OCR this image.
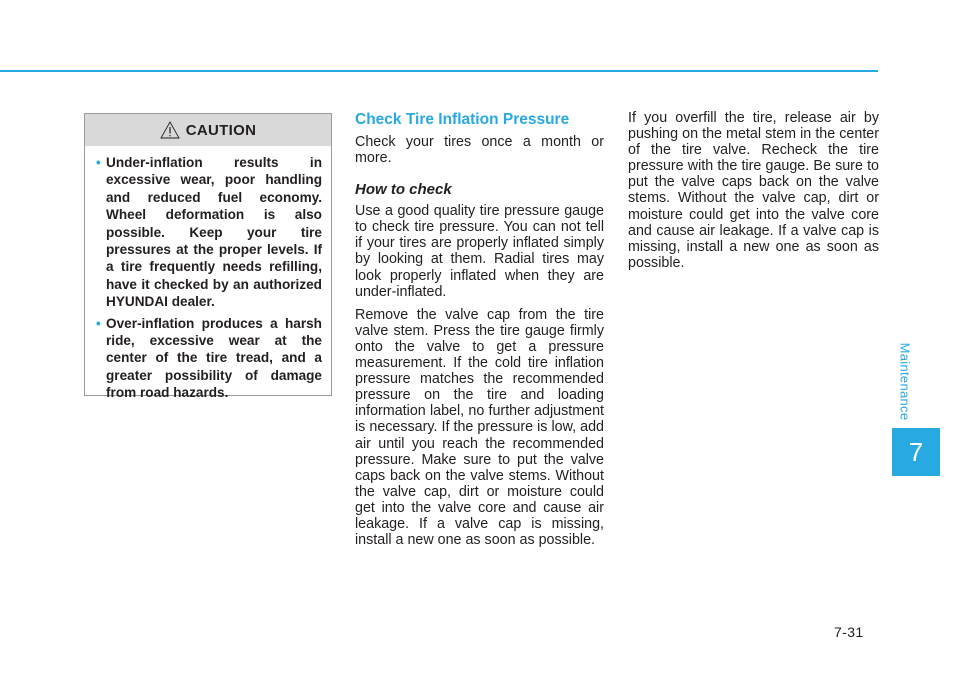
CAUTION
• Under-inflation results in excessive wear, poor handling and reduced fuel economy. Wheel deformation is also possible. Keep your tire pressures at the proper levels. If a tire frequently needs refilling, have it checked by an authorized HYUNDAI dealer.
• Over-inflation produces a harsh ride, excessive wear at the center of the tire tread, and a greater possibility of damage from road hazards.
Check Tire Inflation Pressure

Check your tires once a month or more.

How to check

Use a good quality tire pressure gauge to check tire pressure. You can not tell if your tires are properly inflated simply by looking at them. Radial tires may look properly inflated when they are under-inflated.

Remove the valve cap from the tire valve stem. Press the tire gauge firmly onto the valve to get a pressure measurement. If the cold tire inflation pressure matches the recommended pressure on the tire and loading information label, no further adjustment is necessary. If the pressure is low, add air until you reach the recommended pressure. Make sure to put the valve caps back on the valve stems. Without the valve cap, dirt or moisture could get into the valve core and cause air leakage. If a valve cap is missing, install a new one as soon as possible.

If you overfill the tire, release air by pushing on the metal stem in the center of the tire valve. Recheck the tire pressure with the tire gauge. Be sure to put the valve caps back on the valve stems. Without the valve cap, dirt or moisture could get into the valve core and cause air leakage. If a valve cap is missing, install a new one as soon as possible.

Maintenance
7
7-31
